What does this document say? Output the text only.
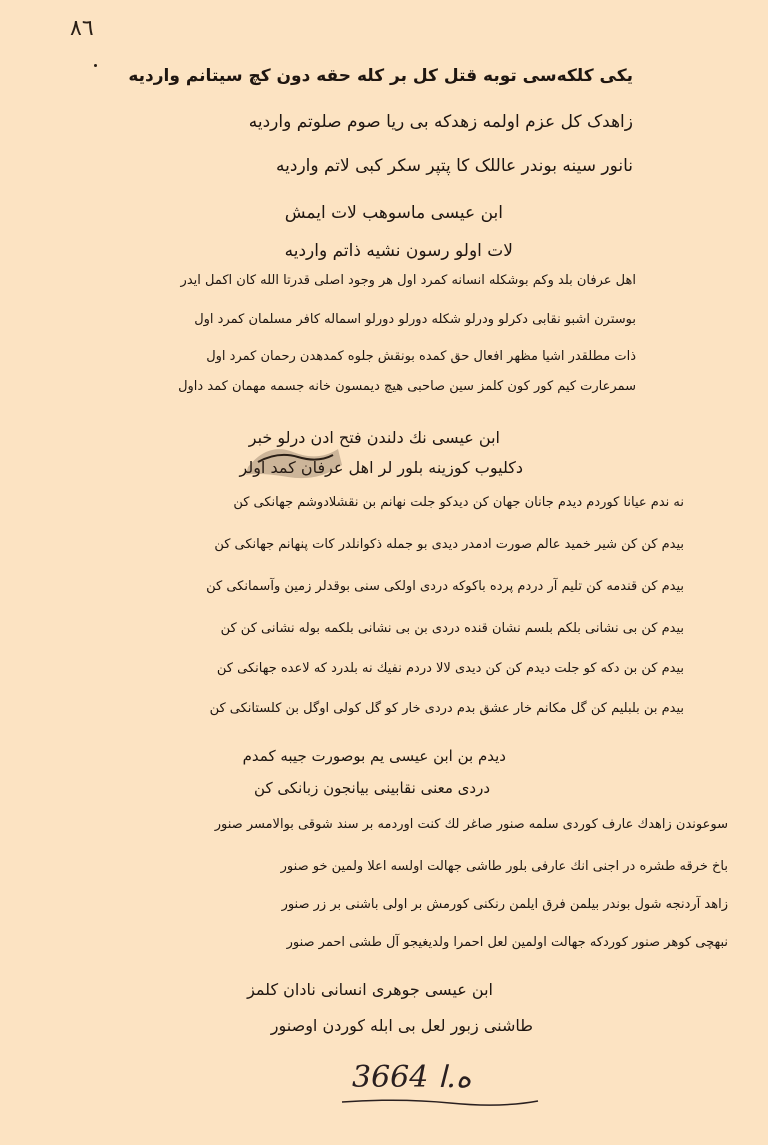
٨٦
یکی کلکه‌سی توبه قتل کل بر کله حقه دون کچ سیتانم واردیه
زاهدک کل عزم اولمه زهدکه بی ریا صوم صلوتم واردیه
نانور سینه بوندر عاللک کا پتپر سکر کبی لاتم واردیه
ابن عیسی ماسوهب لات ایمش
لات اولو رسون نشیه ذاتم واردیه
اهل عرفان بلد وکم بوشکله انسانه کمرد اول هر وجود اصلی قدرتا الله کان اکمل ایدر
بوسترن اشبو نقابی دکرلو ودرلو شکله دورلو دورلو اسماله کافر مسلمان کمرد اول
ذات مطلقدر اشیا مظهر افعال حق کمده بونقش جلوه کمدهدن رحمان کمرد اول
سمرعارت کیم کور کون کلمز سین صاحبی هیچ دیمسون خانه جسمه مهمان کمد داول
ابن عیسی نك دلندن فتح ادن درلو خبر
دکلیوب کوزینه بلور لر اهل عرفان کمد اولر
نه ندم عیانا کوردم دیدم جانان جهان کن دیدکو جلت نهانم بن نقشلادوشم جهانکی کن
بیدم کن کن شیر خمید عالم صورت ادمدر دیدی بو جمله ذکوانلدر کات پنهانم جهانکی کن
بیدم کن قندمه کن تلیم آر دردم پرده باکوکه دردی اولکی سنی بوقدلر زمین وآسمانکی کن
بیدم کن بی نشانی بلکم بلسم نشان قنده دردی بن بی نشانی بلکمه بوله نشانی کن کن
بیدم کن بن دکه کو جلت دیدم کن کن دیدی لالا دردم نفیك نه بلدرد که لاعده جهانکی کن
بیدم بن بلبلیم کن گل مکانم خار عشق بدم دردی خار کو گل کولی اوگل بن کلستانکی کن
دیدم بن ابن عیسی یم بوصورت جیبه کمدم
دردی معنی نقابینی بیانجون زبانکی کن
سوعوندن زاهدك عارف کوردی سلمه صنور صاغر لك کنت اوردمه بر سند شوقی بوالامسر صنور
باخ خرقه طشره در اجنی انك عارفی بلور طاشی جهالت اولسه اعلا ولمین خو صنور
زاهد آردنجه شول بوندر بیلمن فرق ایلمن رنکنی کورمش بر اولی باشنی بر زر صنور
نبهچی کوهر صنور کوردکه جهالت اولمین لعل احمرا ولدیغیجو آل طشی احمر صنور
ابن عیسی جوهری انسانی نادان کلمز
طاشنی زبور لعل بی ابله کوردن اوصنور
ﻩ.ﺍ 3664
